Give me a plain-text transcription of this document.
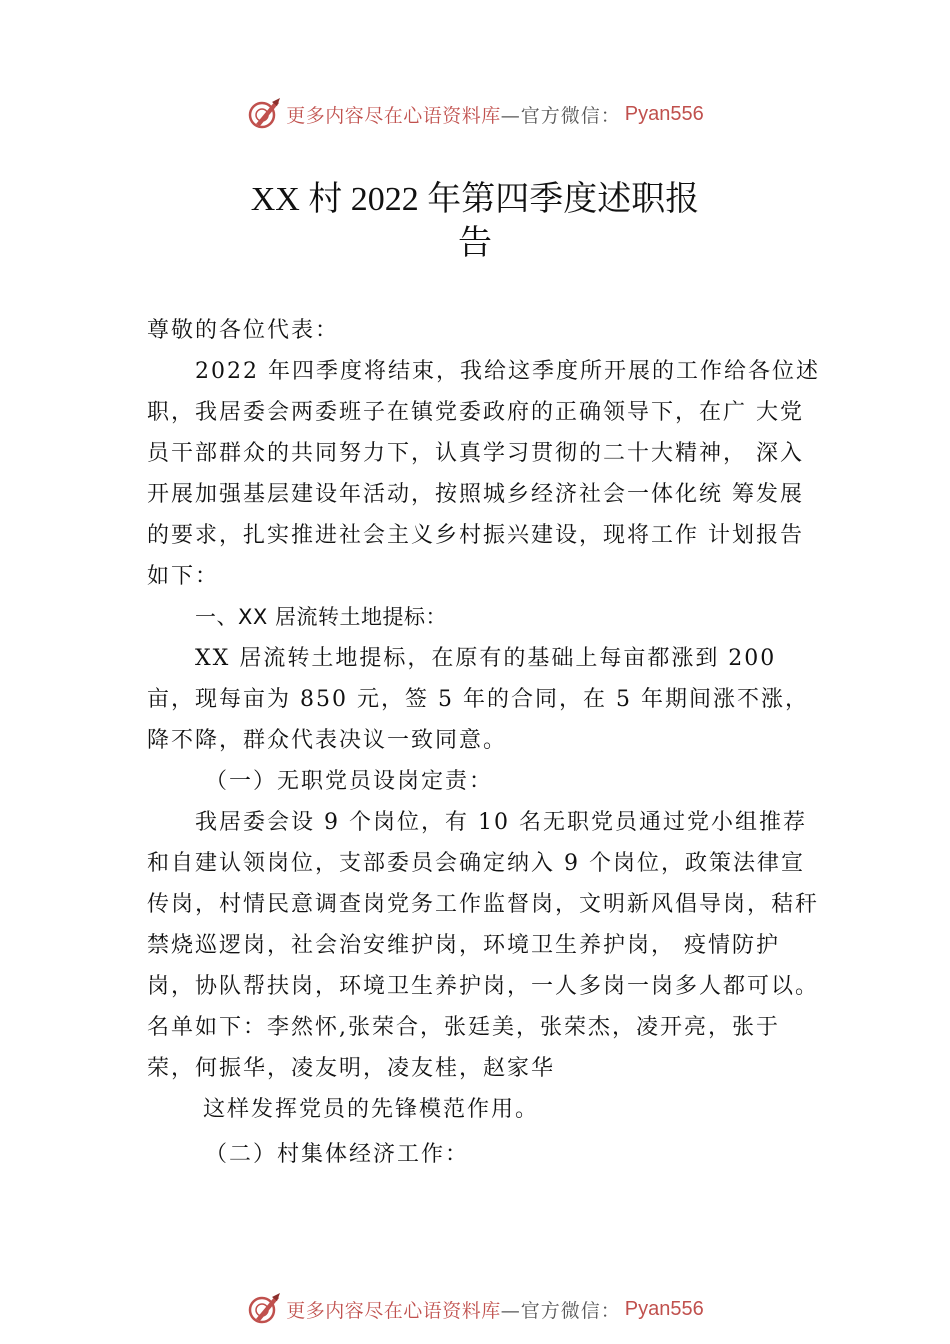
更多内容尽在心语资料库 —官方微信： Pyan556
XX 村 2022 年第四季度述职报
告

尊敬的各位代表：

2022 年四季度将结束，我给这季度所开展的工作给各位述职，我居委会两委班子在镇党委政府的正确领导下，在广 大党员干部群众的共同努力下，认真学习贯彻的二十大精神， 深入开展加强基层建设年活动，按照城乡经济社会一体化统 筹发展的要求，扎实推进社会主义乡村振兴建设，现将工作 计划报告如下：

一、XX 居流转土地提标：

XX 居流转土地提标，在原有的基础上每亩都涨到 200 亩，现每亩为 850 元，签 5 年的合同，在 5 年期间涨不涨，降不降，群众代表决议一致同意。

（一）无职党员设岗定责：

我居委会设 9 个岗位，有 10 名无职党员通过党小组推荐和自建认领岗位，支部委员会确定纳入 9 个岗位，政策法律宣传岗，村情民意调查岗党务工作监督岗，文明新风倡导岗，秸秆禁烧巡逻岗，社会治安维护岗，环境卫生养护岗， 疫情防护岗，协队帮扶岗，环境卫生养护岗，一人多岗一岗多人都可以。名单如下：李然怀,张荣合，张廷美，张荣杰，凌开亮，张于荣，何振华，凌友明，凌友桂，赵家华

这样发挥党员的先锋模范作用。

（二）村集体经济工作：

更多内容尽在心语资料库 —官方微信： Pyan556
